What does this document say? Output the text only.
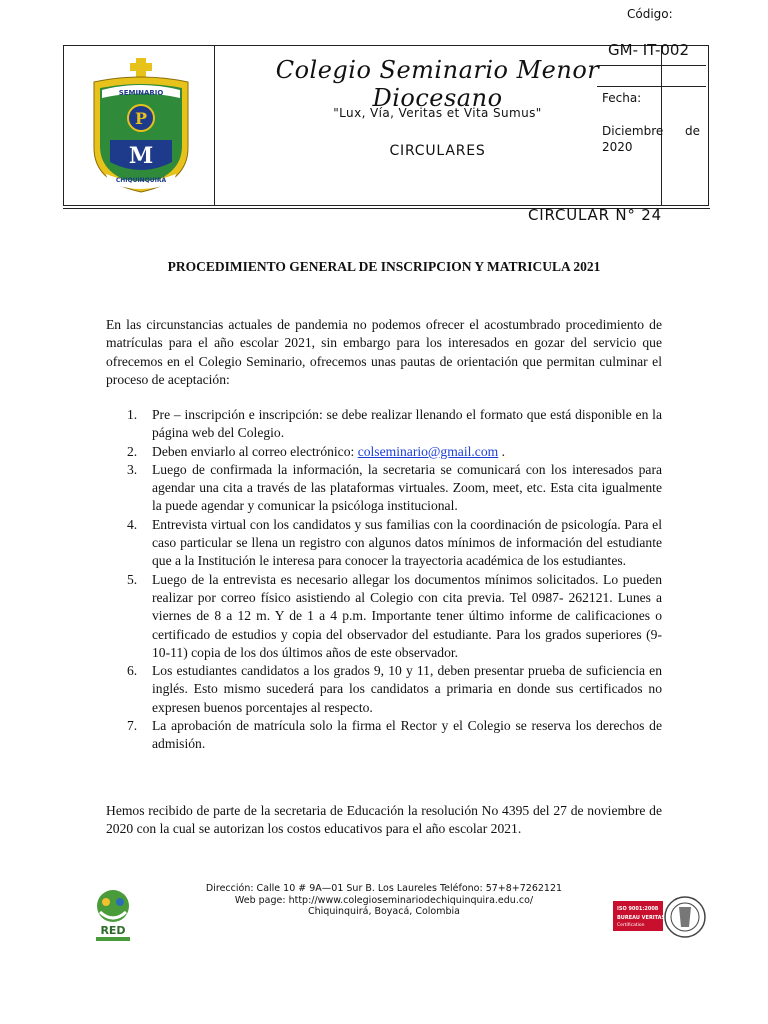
SEMINARIO
P
M
CHIQUINQUIRÁ
Colegio Seminario Menor Diocesano
"Lux, Vía, Veritas et Vita Sumus"
CIRCULARES
Código:
GM- IT-002
Fecha:
Diciembre de 2020
CIRCULAR N° 24
PROCEDIMIENTO GENERAL DE INSCRIPCION Y MATRICULA 2021
En las circunstancias actuales de pandemia no podemos ofrecer el acostumbrado procedimiento de matrículas para el año escolar 2021, sin embargo para los interesados en gozar del servicio que ofrecemos en el Colegio Seminario, ofrecemos unas pautas de orientación que permitan culminar el proceso de aceptación:
1. Pre – inscripción e inscripción: se debe realizar llenando el formato que está disponible en la página web del Colegio.
2. Deben enviarlo al correo electrónico: colseminario@gmail.com .
3. Luego de confirmada la información, la secretaria se comunicará con los interesados para agendar una cita a través de las plataformas virtuales. Zoom, meet, etc. Esta cita igualmente la puede agendar y comunicar la psicóloga institucional.
4. Entrevista virtual con los candidatos y sus familias con la coordinación de psicología. Para el caso particular se llena un registro con algunos datos mínimos de información del estudiante que a la Institución le interesa para conocer la trayectoria académica de los estudiantes.
5. Luego de la entrevista es necesario allegar los documentos mínimos solicitados. Lo pueden realizar por correo físico asistiendo al Colegio con cita previa. Tel 0987- 262121. Lunes a viernes de 8 a 12 m. Y de 1 a 4 p.m. Importante tener último informe de calificaciones o certificado de estudios y copia del observador del estudiante. Para los grados superiores (9-10-11) copia de los dos últimos años de este observador.
6. Los estudiantes candidatos a los grados 9, 10 y 11, deben presentar prueba de suficiencia en inglés. Esto mismo sucederá para los candidatos a primaria en donde sus certificados no expresen buenos porcentajes al respecto.
7. La aprobación de matrícula solo la firma el Rector y el Colegio se reserva los derechos de admisión.
Hemos recibido de parte de la secretaria de Educación la resolución No 4395 del 27 de noviembre de 2020 con la cual se autorizan los costos educativos para el año escolar 2021.
RED
Dirección: Calle 10 # 9A—01 Sur B. Los Laureles Teléfono: 57+8+7262121
Web page: http://www.colegioseminariodechiquinquira.edu.co/
Chiquinquirá, Boyacá, Colombia	ISO 9001:2008
BUREAU VERITAS
Certification
